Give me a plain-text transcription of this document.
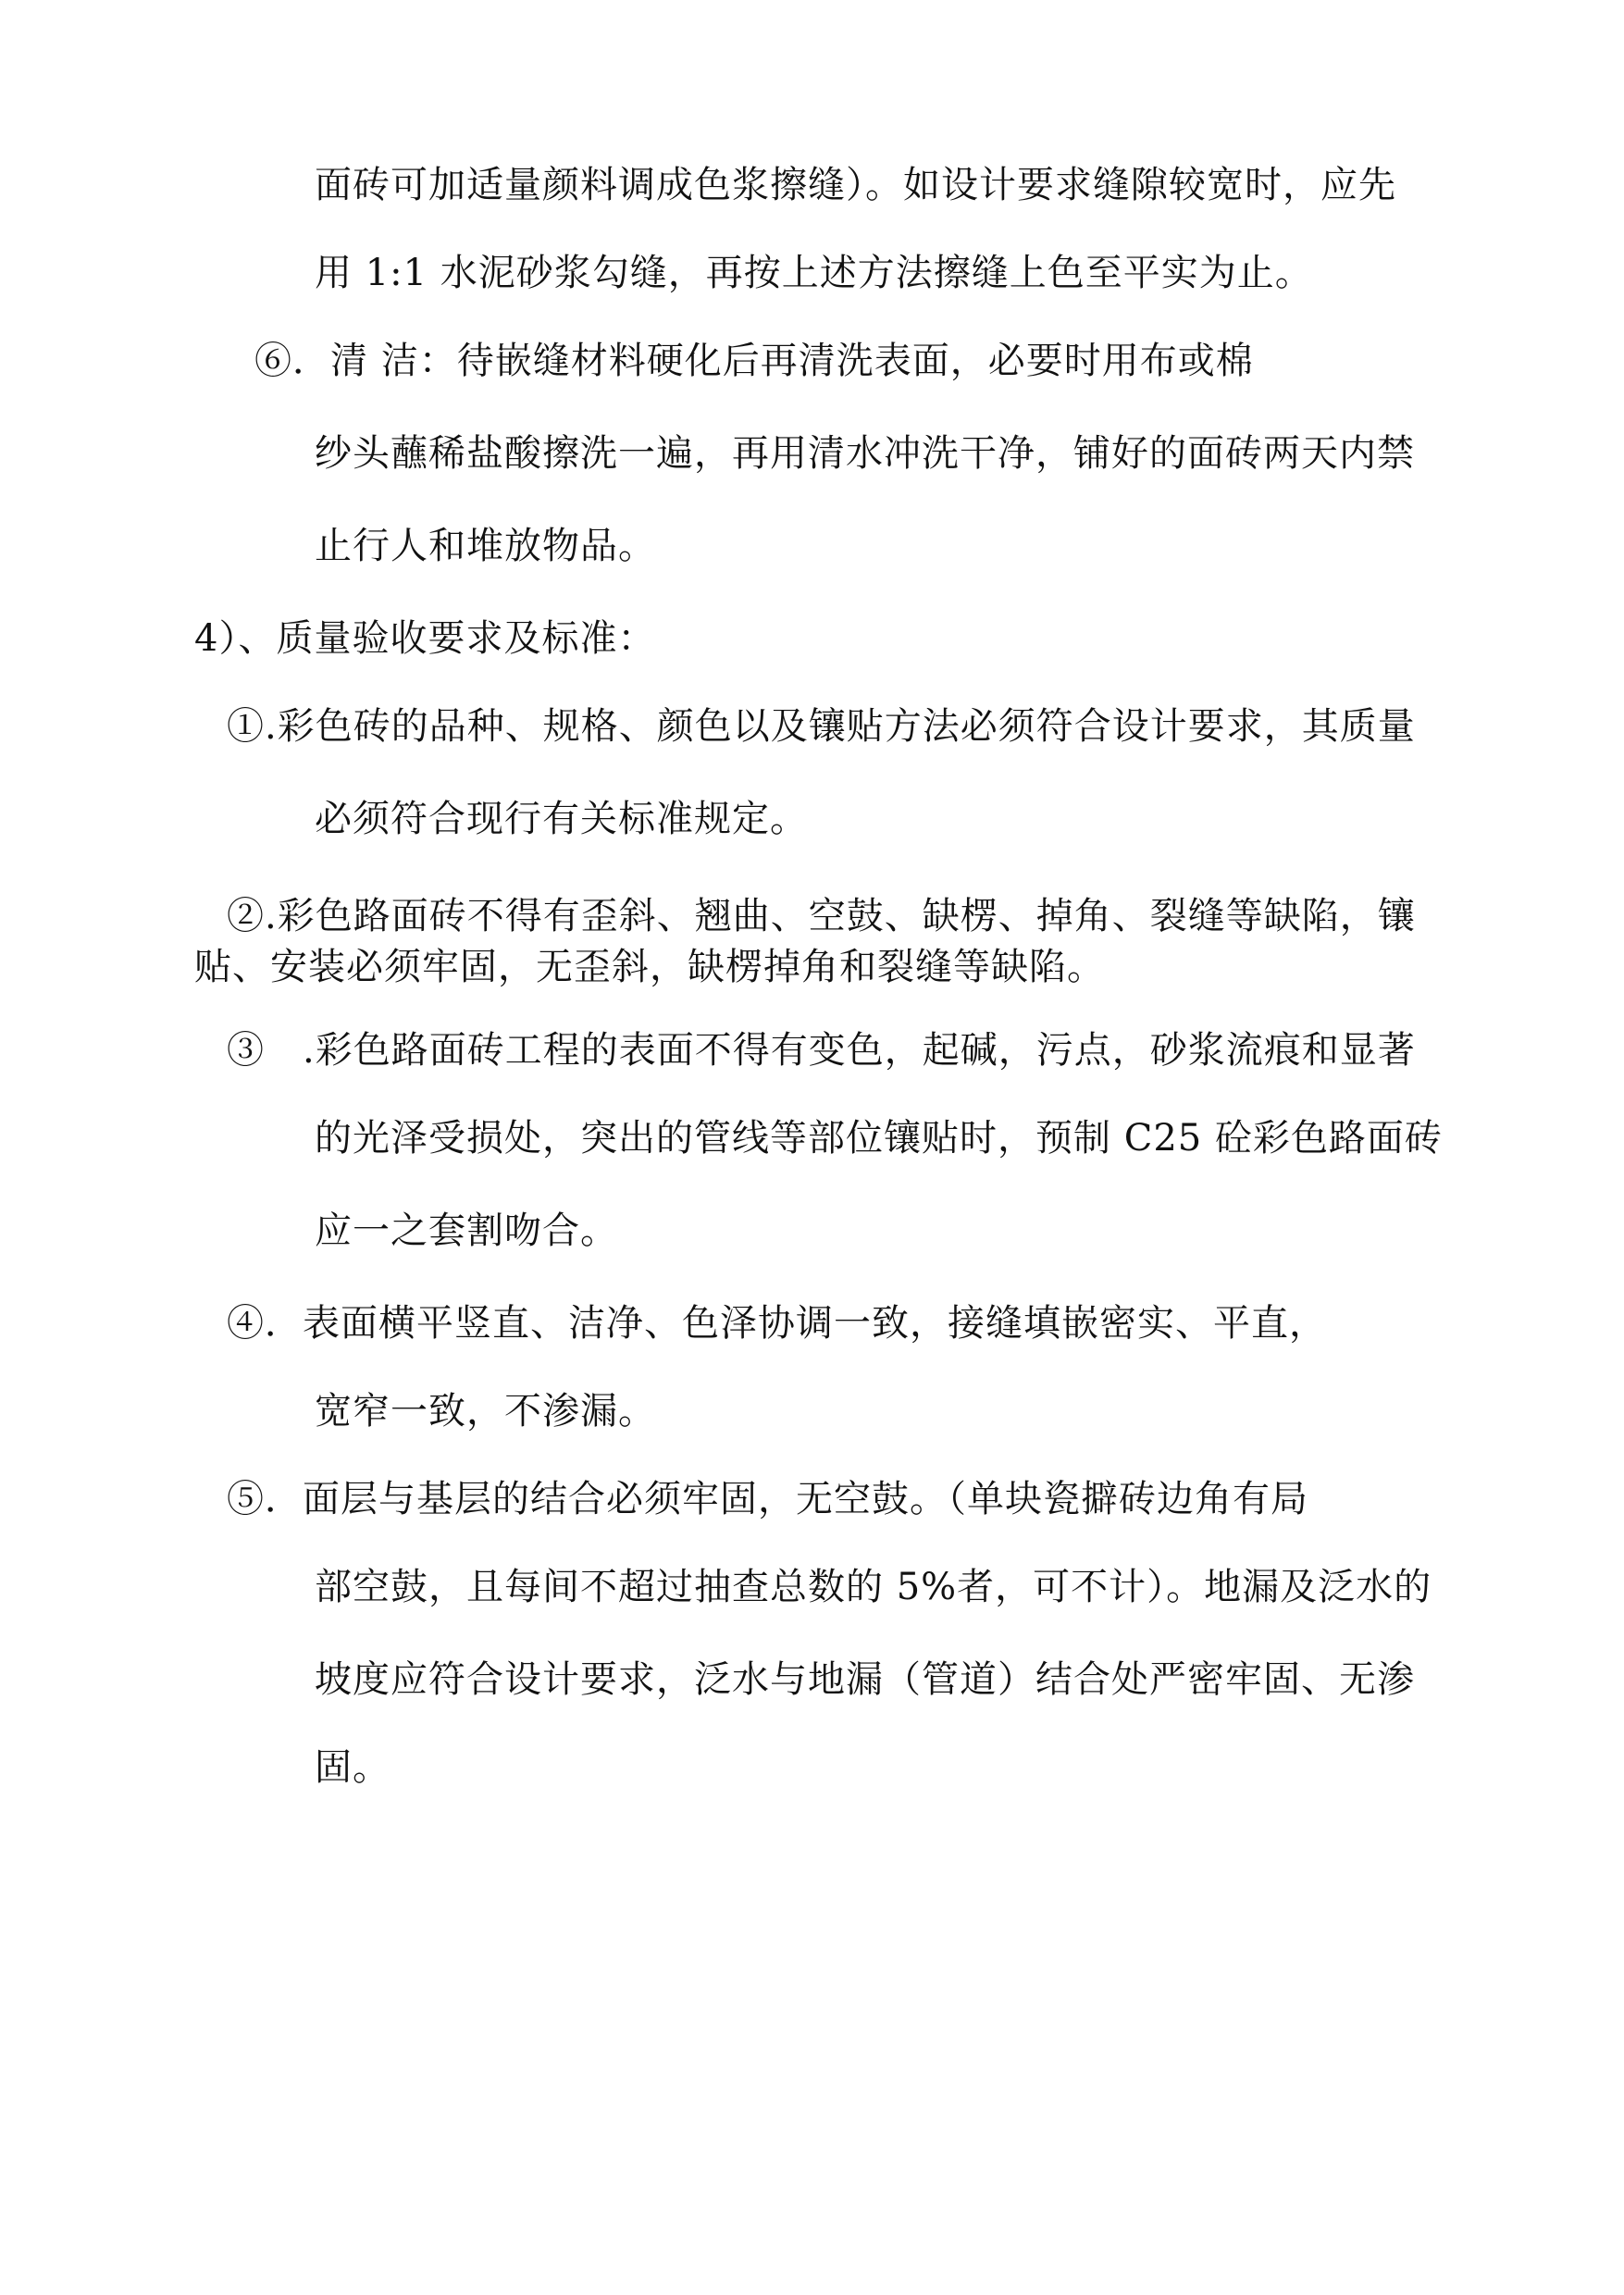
面砖可加适量颜料调成色浆擦缝）。如设计要求缝隙较宽时，应先
用 1:1 水泥砂浆勾缝，再按上述方法擦缝上色至平实为止。
⑥．清 洁：待嵌缝材料硬化后再清洗表面，必要时用布或棉
纱头蘸稀盐酸擦洗一遍，再用清水冲洗干净，铺好的面砖两天内禁
止行人和堆放物品。
4）、质量验收要求及标准：
①.彩色砖的品种、规格、颜色以及镶贴方法必须符合设计要求，其质量
必须符合现行有关标准规定。
②.彩色路面砖不得有歪斜、翘曲、空鼓、缺楞、掉角、裂缝等缺陷，镶
贴、安装必须牢固，无歪斜，缺楞掉角和裂缝等缺陷。
③　.彩色路面砖工程的表面不得有变色，起碱，污点，砂浆流痕和显著
的光泽受损处，突出的管线等部位镶贴时，预制 C25 砼彩色路面砖
应一之套割吻合。
④．表面横平竖直、洁净、色泽协调一致，接缝填嵌密实、平直，
宽窄一致，不渗漏。
⑤．面层与基层的结合必须牢固，无空鼓。（单块瓷擗砖边角有局
部空鼓，且每间不超过抽查总数的 5%者，可不计）。地漏及泛水的
坡度应符合设计要求，泛水与地漏（管道）结合处严密牢固、无渗
固。
